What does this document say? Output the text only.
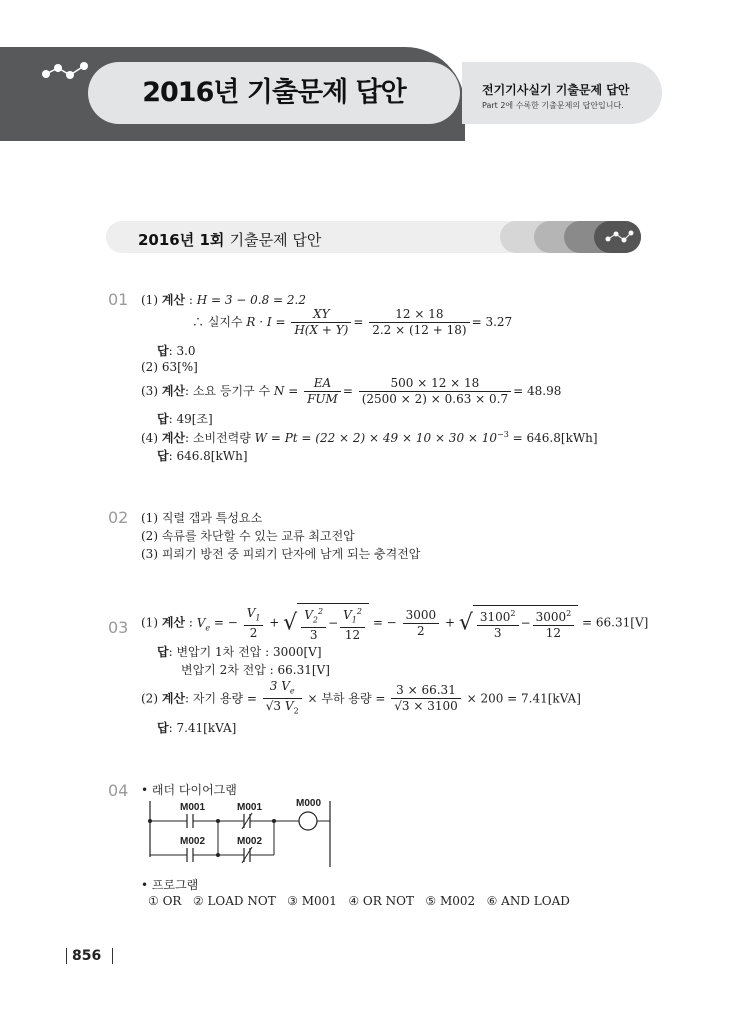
2016년 기출문제 답안	전기기사실기 기출문제 답안
Part 2에 수록한 기출문제의 답안입니다.
2016년 1회 기출문제 답안
01 (1) 계산 : H = 3 − 0.8 = 2.2
∴ 실지수 $R \cdot I = \frac{XY}{H(X + Y)} = \frac{12 \times 18}{2.2 \times (12 + 18)} = 3.27$
답: 3.0
(2) 63[%]
(3) 계산: 소요 등기구 수 $N = \frac{EA}{\text{FUM}} = \frac{500 \times 12 \times 18}{(2500 \times 2) \times 0.63 \times 0.7} = 48.98$
답: 49[조]
(4) 계산: 소비전력량 $W = Pt = (22 \times 2) \times 49 \times 10 \times 30 \times 10^{-3} = 646.8[kWh]$
답: 646.8[kWh]
02 (1) 직렬 갭과 특성요소
(2) 속류를 차단할 수 있는 교류 최고전압
(3) 피뢰기 방전 중 피뢰기 단자에 남게 되는 충격전압
03 (1) 계산 : $V_e$ = − $\frac{V_1}{2}$ + √ $\frac{V_2^2}{3} - \frac{V_1^2}{12}$ = − $\frac{3000}{2}$ + √ $\frac{3100^2}{3} - \frac{3000^2}{12} = 66.31[V]$
답: 변압기 1차 전압 : 3000[V]
변압기 2차 전압 : 66.31[V]
(2) 계산: 자기 용량 = $\frac{3 V_e}{√3 V_2}$ × 부하 용량 = $\frac{3 \times 66.31}{√3 \times 3100} \times 200 = 7.41[kVA]$
답: 7.41[kVA]
04 • 래더 다이어그램
M001	M001
M002	M002
M000
• 프로그램
① OR   ② LOAD NOT   ③ M001   ④ OR NOT   ⑤ M002   ⑥ AND LOAD
856
